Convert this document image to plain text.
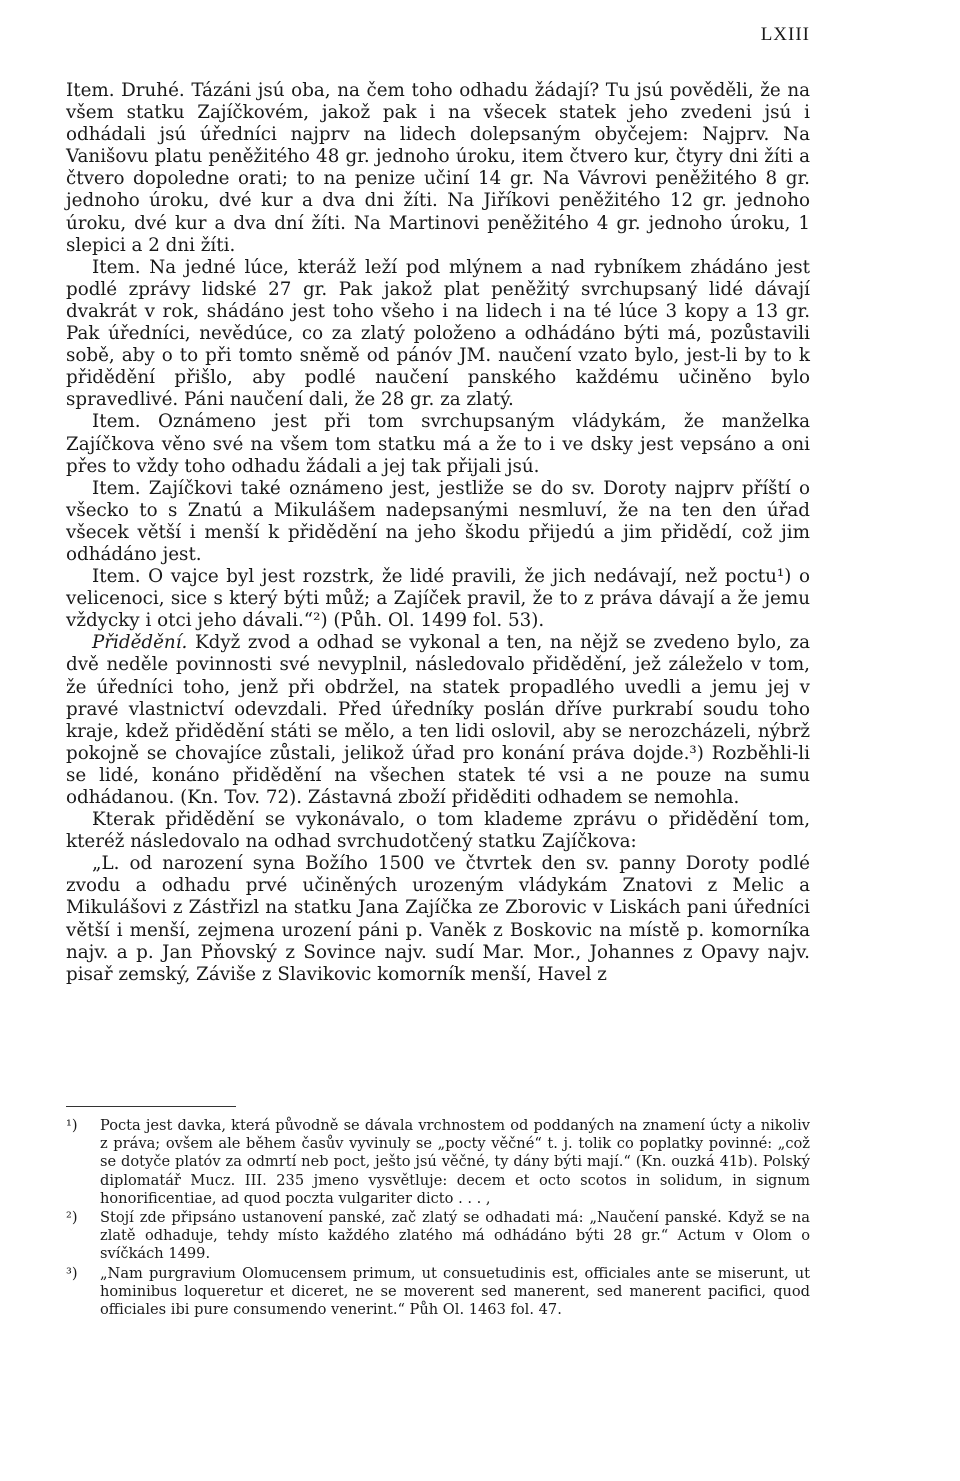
LXIII

Item. Druhé. Tázáni jsú oba, na čem toho odhadu žádají? Tu jsú pověděli, že na všem statku Zajíčkovém, jakož pak i na všecek statek jeho zvedeni jsú i odhádali jsú úředníci najprv na lidech dolepsaným obyčejem: Najprv. Na Vanišovu platu peněžitého 48 gr. jednoho úroku, item čtvero kur, čtyry dni žíti a čtvero dopoledne orati; to na penize učiní 14 gr. Na Vávrovi peněžitého 8 gr. jednoho úroku, dvé kur a dva dni žíti. Na Jiříkovi peněžitého 12 gr. jednoho úroku, dvé kur a dva dní žíti. Na Martinovi peněžitého 4 gr. jednoho úroku, 1 slepici a 2 dni žíti.

Item. Na jedné lúce, kteráž leží pod mlýnem a nad rybníkem zhádáno jest podlé zprávy lidské 27 gr. Pak jakož plat peněžitý svrchupsaný lidé dávají dvakrát v rok, shádáno jest toho všeho i na lidech i na té lúce 3 kopy a 13 gr. Pak úředníci, nevědúce, co za zlatý položeno a odhádáno býti má, pozůstavili sobě, aby o to při tomto sněmě od pánóv JM. naučení vzato bylo, jest-li by to k přidědění přišlo, aby podlé naučení panského každému učiněno bylo spravedlivé. Páni naučení dali, že 28 gr. za zlatý.

Item. Oznámeno jest při tom svrchupsaným vládykám, že manželka Zajíčkova věno své na všem tom statku má a že to i ve dsky jest vepsáno a oni přes to vždy toho odhadu žádali a jej tak přijali jsú.

Item. Zajíčkovi také oznámeno jest, jestliže se do sv. Doroty najprv příští o všecko to s Znatú a Mikulášem nadepsanými nesmluví, že na ten den úřad všecek větší i menší k přidědění na jeho škodu přijedú a jim přidědí, což jim odhádáno jest.

Item. O vajce byl jest rozstrk, že lidé pravili, že jich nedávají, než poctu¹) o velicenoci, sice s který býti můž; a Zajíček pravil, že to z práva dávají a že jemu vždycky i otci jeho dávali.“²) (Půh. Ol. 1499 fol. 53).

Přidědění. Když zvod a odhad se vykonal a ten, na nějž se zvedeno bylo, za dvě neděle povinnosti své nevyplnil, následovalo přidědění, jež záleželo v tom, že úředníci toho, jenž při obdržel, na statek propadlého uvedli a jemu jej v pravé vlastnictví odevzdali. Před úředníky poslán dříve purkrabí soudu toho kraje, kdež přidědění státi se mělo, a ten lidi oslovil, aby se nerozcházeli, nýbrž pokojně se chovajíce zůstali, jelikož úřad pro konání práva dojde.³) Rozběhli-li se lidé, konáno přidědění na všechen statek té vsi a ne pouze na sumu odhádanou. (Kn. Tov. 72). Zástavná zboží přiděditi odhadem se nemohla.

Kterak přidědění se vykonávalo, o tom klademe zprávu o přidědění tom, kteréž následovalo na odhad svrchudotčený statku Zajíčkova:

„L. od narození syna Božího 1500 ve čtvrtek den sv. panny Doroty podlé zvodu a odhadu prvé učiněných urozeným vládykám Znatovi z Melic a Mikulášovi z Zástřizl na statku Jana Zajíčka ze Zborovic v Liskách pani úředníci větší i menší, zejmena urození páni p. Vaněk z Boskovic na místě p. komorníka najv. a p. Jan Pňovský z Sovince najv. sudí Mar. Mor., Johannes z Opavy najv. pisař zemský, Záviše z Slavikovic komorník menší, Havel z

¹) Pocta jest davka, která původně se dávala vrchnostem od poddaných na znamení úcty a nikoliv z práva; ovšem ale během časův vyvinuly se „pocty věčné“ t. j. tolik co poplatky povinné: „což se dotyče platóv za odmrtí neb poct, ješto jsú věčné, ty dány býti mají.“ (Kn. ouzká 41b). Polský diplomatář Mucz. III. 235 jmeno vysvětluje: decem et octo scotos in solidum, in signum honorificentiae, ad quod poczta vulgariter dicto . . . ,
²) Stojí zde připsáno ustanovení panské, zač zlatý se odhadati má: „Naučení panské. Když se na zlatě odhaduje, tehdy místo každého zlatého má odhádáno býti 28 gr.“ Actum v Olom o svíčkách 1499.
³) „Nam purgravium Olomucensem primum, ut consuetudinis est, officiales ante se miserunt, ut hominibus loqueretur et diceret, ne se moverent sed manerent, sed manerent pacifici, quod officiales ibi pure consumendo venerint.“ Půh Ol. 1463 fol. 47.
